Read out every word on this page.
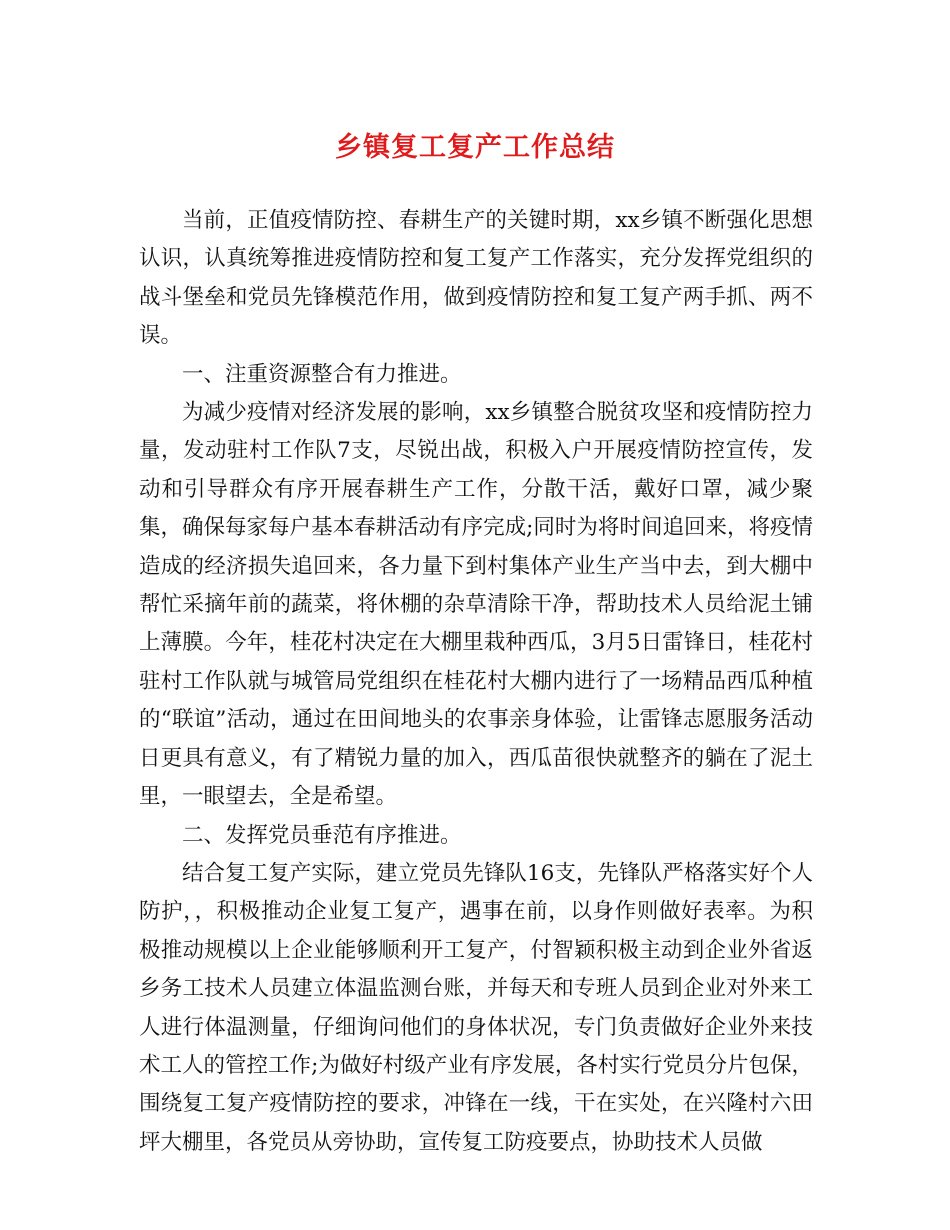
乡镇复工复产工作总结

当前，正值疫情防控、春耕生产的关键时期，xx乡镇不断强化思想认识，认真统筹推进疫情防控和复工复产工作落实，充分发挥党组织的战斗堡垒和党员先锋模范作用，做到疫情防控和复工复产两手抓、两不误。

一、注重资源整合有力推进。

为减少疫情对经济发展的影响，xx乡镇整合脱贫攻坚和疫情防控力量，发动驻村工作队7支，尽锐出战，积极入户开展疫情防控宣传，发动和引导群众有序开展春耕生产工作，分散干活，戴好口罩，减少聚集，确保每家每户基本春耕活动有序完成;同时为将时间追回来，将疫情造成的经济损失追回来，各力量下到村集体产业生产当中去，到大棚中帮忙采摘年前的蔬菜，将休棚的杂草清除干净，帮助技术人员给泥土铺上薄膜。今年，桂花村决定在大棚里栽种西瓜，3月5日雷锋日，桂花村驻村工作队就与城管局党组织在桂花村大棚内进行了一场精品西瓜种植的“联谊”活动，通过在田间地头的农事亲身体验，让雷锋志愿服务活动日更具有意义，有了精锐力量的加入，西瓜苗很快就整齐的躺在了泥土里，一眼望去，全是希望。

二、发挥党员垂范有序推进。

结合复工复产实际，建立党员先锋队16支，先锋队严格落实好个人防护，，积极推动企业复工复产，遇事在前，以身作则做好表率。为积极推动规模以上企业能够顺利开工复产，付智颖积极主动到企业外省返乡务工技术人员建立体温监测台账，并每天和专班人员到企业对外来工人进行体温测量，仔细询问他们的身体状况，专门负责做好企业外来技术工人的管控工作;为做好村级产业有序发展，各村实行党员分片包保，围绕复工复产疫情防控的要求，冲锋在一线，干在实处，在兴隆村六田坪大棚里，各党员从旁协助，宣传复工防疫要点，协助技术人员做
